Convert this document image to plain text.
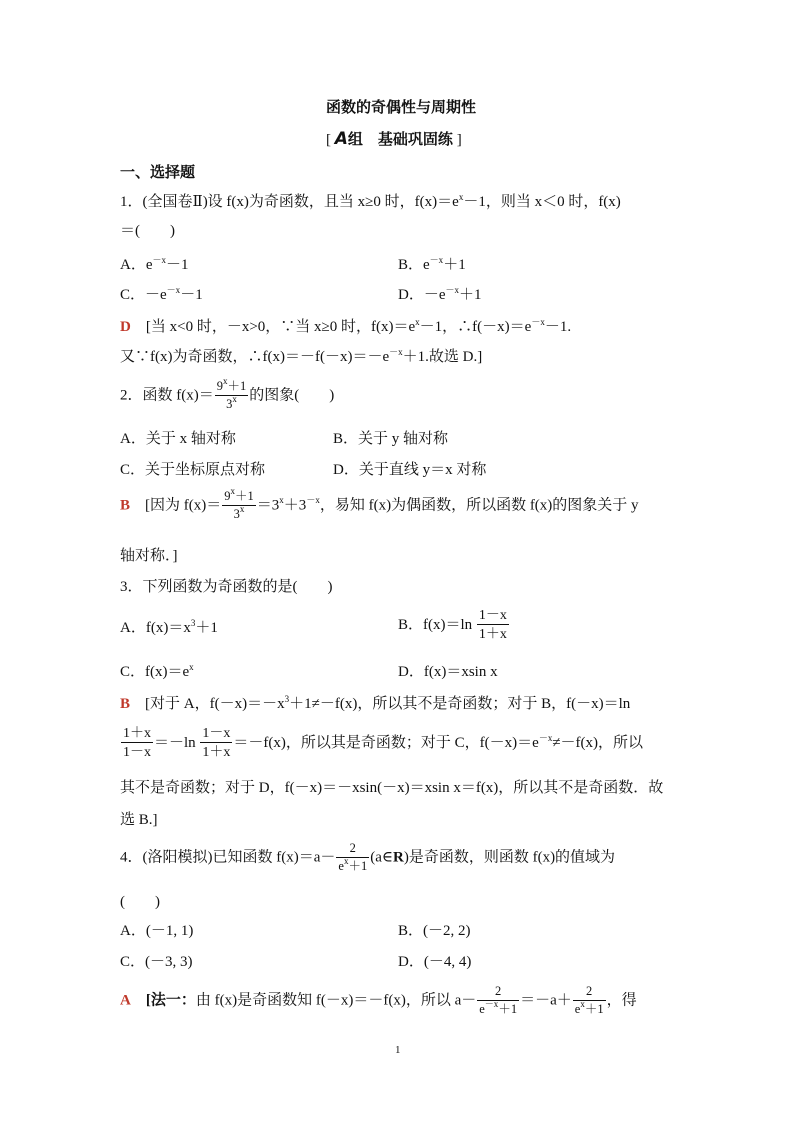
函数的奇偶性与周期性
[ A组　基础巩固练 ]
一、选择题
1．(全国卷Ⅱ)设 f(x)为奇函数，且当 x≥0 时，$f(x)=e^x-1$，则当 x＜0 时，f(x)
＝(　　)
A．$e^{-x}-1$	B．$e^{-x}+1$
C．$-e^{-x}-1$	D．$-e^{-x}+1$
D　 [当 x<0 时，－x>0，∵当 x≥0 时，$f(x)=e^x-1$，$\therefore f(-x)=e^{-x}-1$.
又∵f(x)为奇函数，$\therefore f(x)=-f(-x)=-e^{-x}+1$.故选 D.]
2．函数 $f(x)= \frac{9^x+1}{3^x}$ 的图象(　　)
A．关于 x 轴对称	B．关于 y 轴对称
C．关于坐标原点对称	D．关于直线 y＝x 对称
B　 [因为 $f(x)= \frac{9^x+1}{3^x} =3^x+3^{-x}$，易知 f(x)为偶函数，所以函数 f(x)的图象关于 y
轴对称．]
3．下列函数为奇函数的是(　　)
A．$f(x)=x^3+1$	B．$f(x)=\ln \frac{1-x}{1+x}$
C．$f(x)=e^x$	D．f(x)＝xsin x
B　 [对于 A，$f(-x)=-x^3+1\ne-f(x)$，所以其不是奇函数；对于 B，f(－x)＝ln
$\frac{1+x}{1-x} =-\ln \frac{1-x}{1+x} =-f(x)$，所以其是奇函数；对于 C，$f(-x)=e^{-x}\ne-f(x)$，所以
其不是奇函数；对于 D，f(－x)＝－xsin(－x)＝xsin x＝f(x)，所以其不是奇函数．故
选 B.]
4．(洛阳模拟)已知函数 $f(x)=a- \frac{2}{e^x+1}$ (a∈R)是奇函数，则函数 f(x)的值域为
(　　)
A．(－1, 1)	B．(－2, 2)
C．(－3, 3)	D．(－4, 4)
A　 [法一：由 f(x)是奇函数知 f(－x)＝－f(x)，所以 $a- \frac{2}{e^{-x}+1} =-a+ \frac{2}{e^x+1}$ ，得
1
